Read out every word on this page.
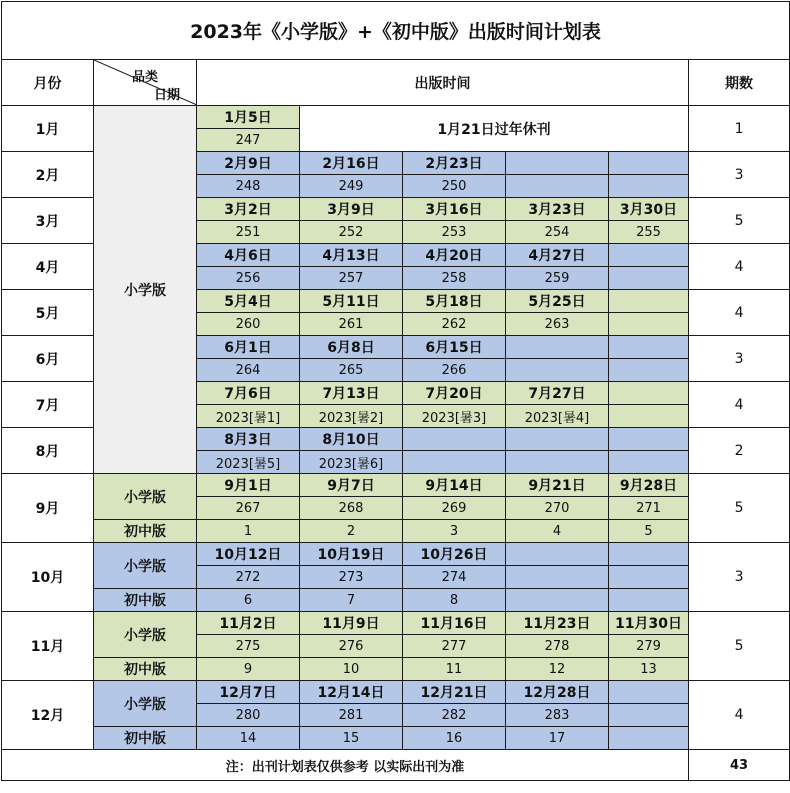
2023年《小学版》+《初中版》出版时间计划表							
月份	品类
日期	出版时间					期数
1月	小学版	1月5日	1月21日过年休刊				1
		247					
2月		2月9日	2月16日	2月23日			3
		248	249	250			
3月		3月2日	3月9日	3月16日	3月23日	3月30日	5
		251	252	253	254	255	
4月		4月6日	4月13日	4月20日	4月27日		4
		256	257	258	259		
5月		5月4日	5月11日	5月18日	5月25日		4
		260	261	262	263		
6月		6月1日	6月8日	6月15日			3
		264	265	266			
7月		7月6日	7月13日	7月20日	7月27日		4
		2023[暑1]	2023[暑2]	2023[暑3]	2023[暑4]		
8月		8月3日	8月10日				2
		2023[暑5]	2023[暑6]				
9月	小学版	9月1日	9月7日	9月14日	9月21日	9月28日	5
		267	268	269	270	271	
	初中版	1	2	3	4	5	
10月	小学版	10月12日	10月19日	10月26日			3
		272	273	274			
	初中版	6	7	8			
11月	小学版	11月2日	11月9日	11月16日	11月23日	11月30日	5
		275	276	277	278	279	
	初中版	9	10	11	12	13	
12月	小学版	12月7日	12月14日	12月21日	12月28日		4
		280	281	282	283		
	初中版	14	15	16	17		
注：出刊计划表仅供参考 以实际出刊为准							43
